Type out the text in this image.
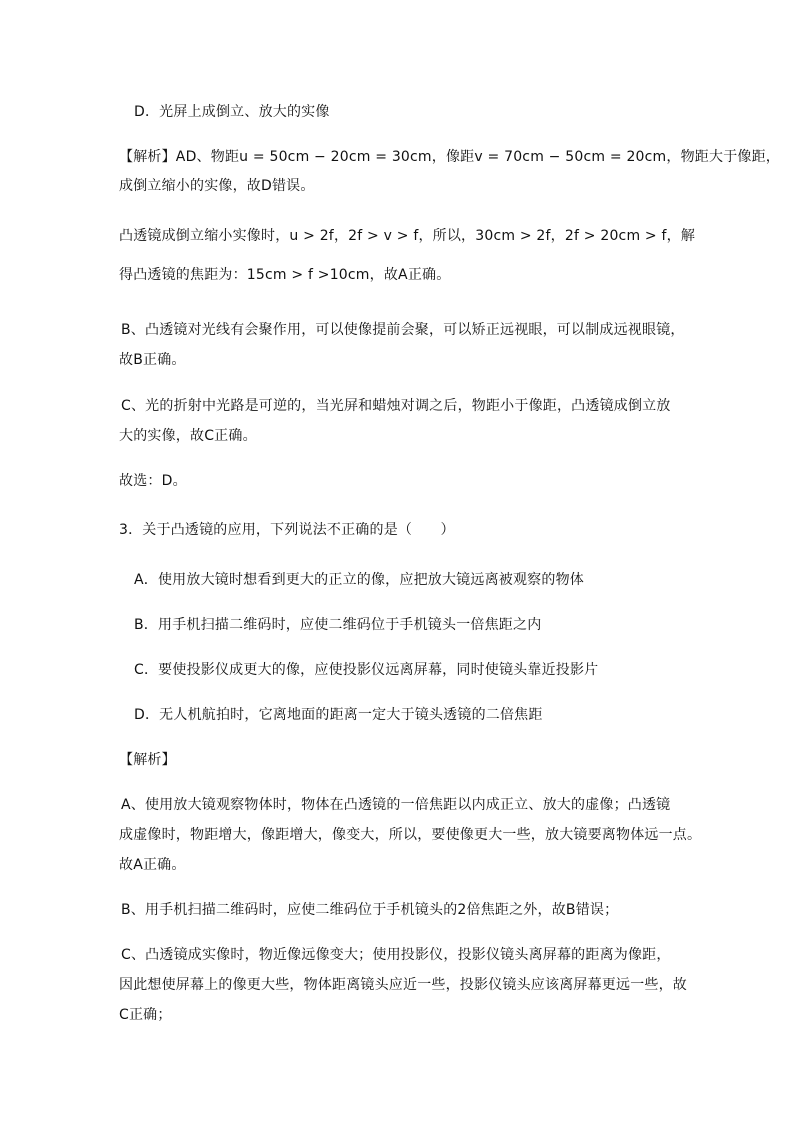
D．光屏上成倒立、放大的实像
【解析】AD、物距u = 50cm − 20cm = 30cm，像距v = 70cm − 50cm = 20cm，物距大于像距，
成倒立缩小的实像，故D错误。
凸透镜成倒立缩小实像时，u > 2f，2f > v > f，所以，30cm > 2f，2f > 20cm > f，解
得凸透镜的焦距为：15cm > f >10cm，故A正确。
B、凸透镜对光线有会聚作用，可以使像提前会聚，可以矫正远视眼，可以制成远视眼镜，
故B正确。
C、光的折射中光路是可逆的，当光屏和蜡烛对调之后，物距小于像距，凸透镜成倒立放
大的实像，故C正确。
故选：D。
3．关于凸透镜的应用，下列说法不正确的是（　　）
A．使用放大镜时想看到更大的正立的像，应把放大镜远离被观察的物体
B．用手机扫描二维码时，应使二维码位于手机镜头一倍焦距之内
C．要使投影仪成更大的像，应使投影仪远离屏幕，同时使镜头靠近投影片
D．无人机航拍时，它离地面的距离一定大于镜头透镜的二倍焦距
【解析】
A、使用放大镜观察物体时，物体在凸透镜的一倍焦距以内成正立、放大的虚像；凸透镜
成虚像时，物距增大，像距增大，像变大，所以，要使像更大一些，放大镜要离物体远一点。
故A正确。
B、用手机扫描二维码时，应使二维码位于手机镜头的2倍焦距之外，故B错误；
C、凸透镜成实像时，物近像远像变大；使用投影仪，投影仪镜头离屏幕的距离为像距，
因此想使屏幕上的像更大些，物体距离镜头应近一些，投影仪镜头应该离屏幕更远一些，故
C正确；
